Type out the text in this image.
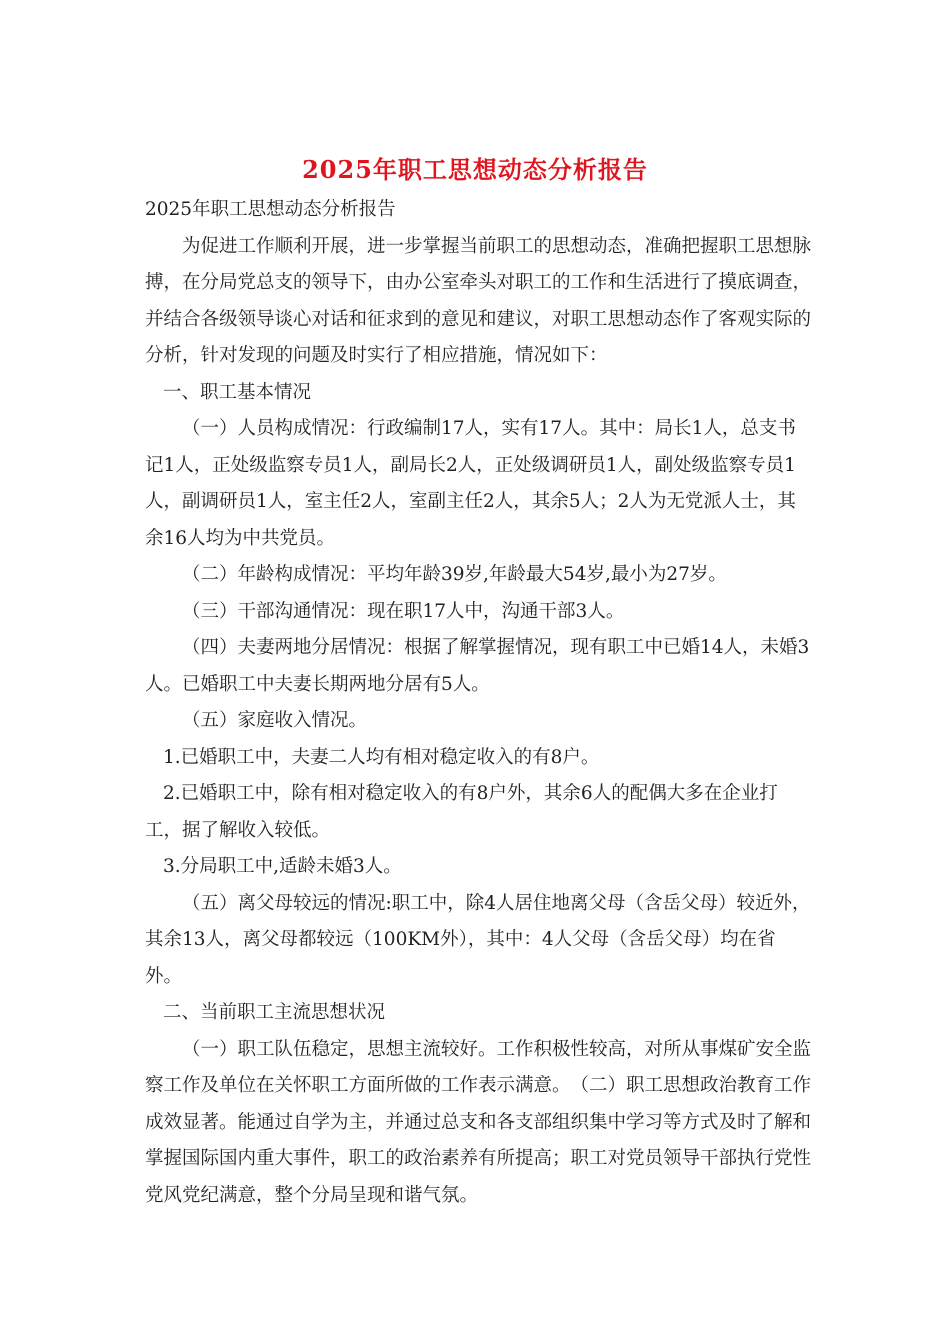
2025年职工思想动态分析报告

2025年职工思想动态分析报告

为促进工作顺利开展，进一步掌握当前职工的思想动态，准确把握职工思想脉搏，在分局党总支的领导下，由办公室牵头对职工的工作和生活进行了摸底调查，并结合各级领导谈心对话和征求到的意见和建议，对职工思想动态作了客观实际的分析，针对发现的问题及时实行了相应措施，情况如下：

一、职工基本情况

（一）人员构成情况：行政编制17人，实有17人。其中：局长1人，总支书记1人，正处级监察专员1人，副局长2人，正处级调研员1人，副处级监察专员1人，副调研员1人，室主任2人，室副主任2人，其余5人；2人为无党派人士，其余16人均为中共党员。

（二）年龄构成情况：平均年龄39岁,年龄最大54岁,最小为27岁。

（三）干部沟通情况：现在职17人中，沟通干部3人。

（四）夫妻两地分居情况：根据了解掌握情况，现有职工中已婚14人，未婚3人。已婚职工中夫妻长期两地分居有5人。

（五）家庭收入情况。

1.已婚职工中，夫妻二人均有相对稳定收入的有8户。

2.已婚职工中，除有相对稳定收入的有8户外，其余6人的配偶大多在企业打工，据了解收入较低。

3.分局职工中,适龄未婚3人。

（五）离父母较远的情况:职工中，除4人居住地离父母（含岳父母）较近外，其余13人，离父母都较远（100KM外），其中：4人父母（含岳父母）均在省外。

二、当前职工主流思想状况

（一）职工队伍稳定，思想主流较好。工作积极性较高，对所从事煤矿安全监察工作及单位在关怀职工方面所做的工作表示满意。　（二）职工思想政治教育工作成效显著。能通过自学为主，并通过总支和各支部组织集中学习等方式及时了解和掌握国际国内重大事件，职工的政治素养有所提高；职工对党员领导干部执行党性党风党纪满意，整个分局呈现和谐气氛。
